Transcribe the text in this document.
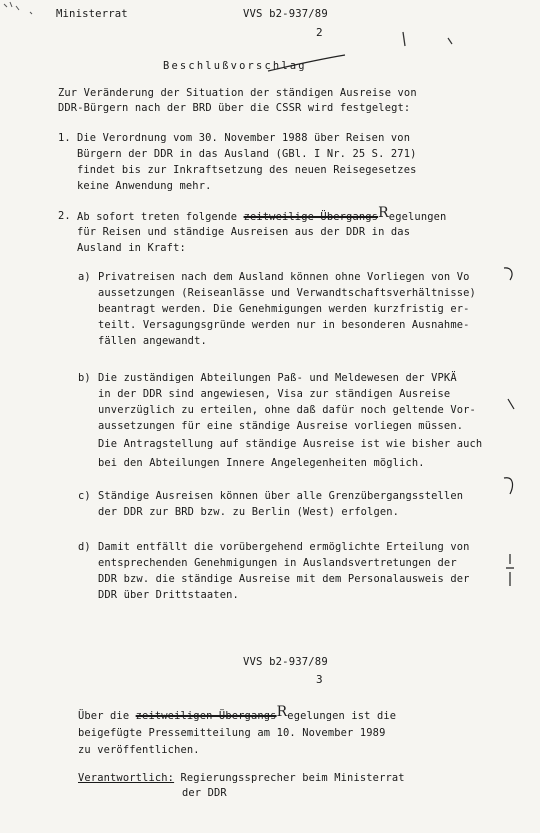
Ministerrat	VVS b2-937/89
2
Beschlußvorschlag
Zur Veränderung der Situation der ständigen Ausreise von
DDR-Bürgern nach der BRD über die CSSR wird festgelegt:
1. Die Verordnung vom 30. November 1988 über Reisen von
Bürgern der DDR in das Ausland (GBl. I Nr. 25 S. 271)
findet bis zur Inkraftsetzung des neuen Reisegesetzes
keine Anwendung mehr.
2. Ab sofort treten folgende zeitweilige ÜbergangsRegelungen
für Reisen und ständige Ausreisen aus der DDR in das
Ausland in Kraft:
a) Privatreisen nach dem Ausland können ohne Vorliegen von Vo
aussetzungen (Reiseanlässe und Verwandtschaftsverhältnisse)
beantragt werden. Die Genehmigungen werden kurzfristig er-
teilt. Versagungsgründe werden nur in besonderen Ausnahme-
fällen angewandt.
b) Die zuständigen Abteilungen Paß- und Meldewesen der VPKÄ
in der DDR sind angewiesen, Visa zur ständigen Ausreise
unverzüglich zu erteilen, ohne daß dafür noch geltende Vor-
aussetzungen für eine ständige Ausreise vorliegen müssen.
Die Antragstellung auf ständige Ausreise ist wie bisher auch
bei den Abteilungen Innere Angelegenheiten möglich.
c) Ständige Ausreisen können über alle Grenzübergangsstellen
der DDR zur BRD bzw. zu Berlin (West) erfolgen.
d) Damit entfällt die vorübergehend ermöglichte Erteilung von
entsprechenden Genehmigungen in Auslandsvertretungen der
DDR bzw. die ständige Ausreise mit dem Personalausweis der
DDR über Drittstaaten.
VVS b2-937/89
3
Über die zeitweiligen ÜbergangsRegelungen ist die
beigefügte Pressemitteilung am 10. November 1989
zu veröffentlichen.
Verantwortlich: Regierungssprecher beim Ministerrat
der DDR
